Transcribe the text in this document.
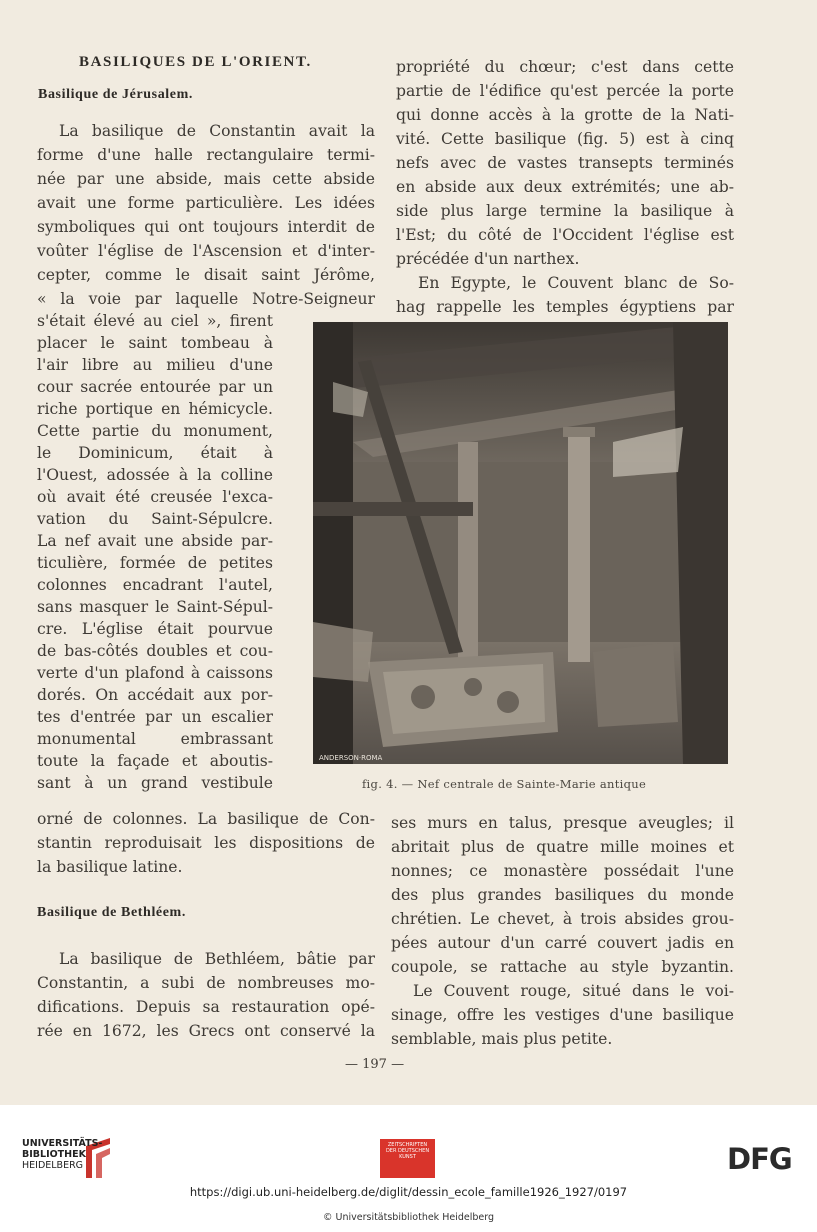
BASILIQUES DE L'ORIENT.
Basilique de Jérusalem.
La basilique de Constantin avait la
forme d'une halle rectangulaire termi-
née par une abside, mais cette abside
avait une forme particulière. Les idées
symboliques qui ont toujours interdit de
voûter l'église de l'Ascension et d'inter-
cepter, comme le disait saint Jérôme,
« la voie par laquelle Notre-Seigneur
s'était élevé au ciel », firent
placer le saint tombeau à
l'air libre au milieu d'une
cour sacrée entourée par un
riche portique en hémicycle.
Cette partie du monument,
le Dominicum, était à
l'Ouest, adossée à la colline
où avait été creusée l'exca-
vation du Saint-Sépulcre.
La nef avait une abside par-
ticulière, formée de petites
colonnes encadrant l'autel,
sans masquer le Saint-Sépul-
cre. L'église était pourvue
de bas-côtés doubles et cou-
verte d'un plafond à caissons
dorés. On accédait aux por-
tes d'entrée par un escalier
monumental embrassant
toute la façade et aboutis-
sant à un grand vestibule
orné de colonnes. La basilique de Con-
stantin reproduisait les dispositions de
la basilique latine.
Basilique de Bethléem.
La basilique de Bethléem, bâtie par
Constantin, a subi de nombreuses mo-
difications. Depuis sa restauration opé-
rée en 1672, les Grecs ont conservé la
propriété du chœur; c'est dans cette
partie de l'édifice qu'est percée la porte
qui donne accès à la grotte de la Nati-
vité. Cette basilique (fig. 5) est à cinq
nefs avec de vastes transepts terminés
en abside aux deux extrémités; une ab-
side plus large termine la basilique à
l'Est; du côté de l'Occident l'église est
précédée d'un narthex.
En Egypte, le Couvent blanc de So-
hag rappelle les temples égyptiens par
ANDERSON·ROMA
fig. 4. — Nef centrale de Sainte-Marie antique
ses murs en talus, presque aveugles; il
abritait plus de quatre mille moines et
nonnes; ce monastère possédait l'une
des plus grandes basiliques du monde
chrétien. Le chevet, à trois absides grou-
pées autour d'un carré couvert jadis en
coupole, se rattache au style byzantin.
Le Couvent rouge, situé dans le voi-
sinage, offre les vestiges d'une basilique
semblable, mais plus petite.
— 197 —
UNIVERSITÄTS-
BIBLIOTHEK
HEIDELBERG
ZEITSCHRIFTEN DER DEUTSCHEN KUNST	DFG
https://digi.ub.uni-heidelberg.de/diglit/dessin_ecole_famille1926_1927/0197
© Universitätsbibliothek Heidelberg
